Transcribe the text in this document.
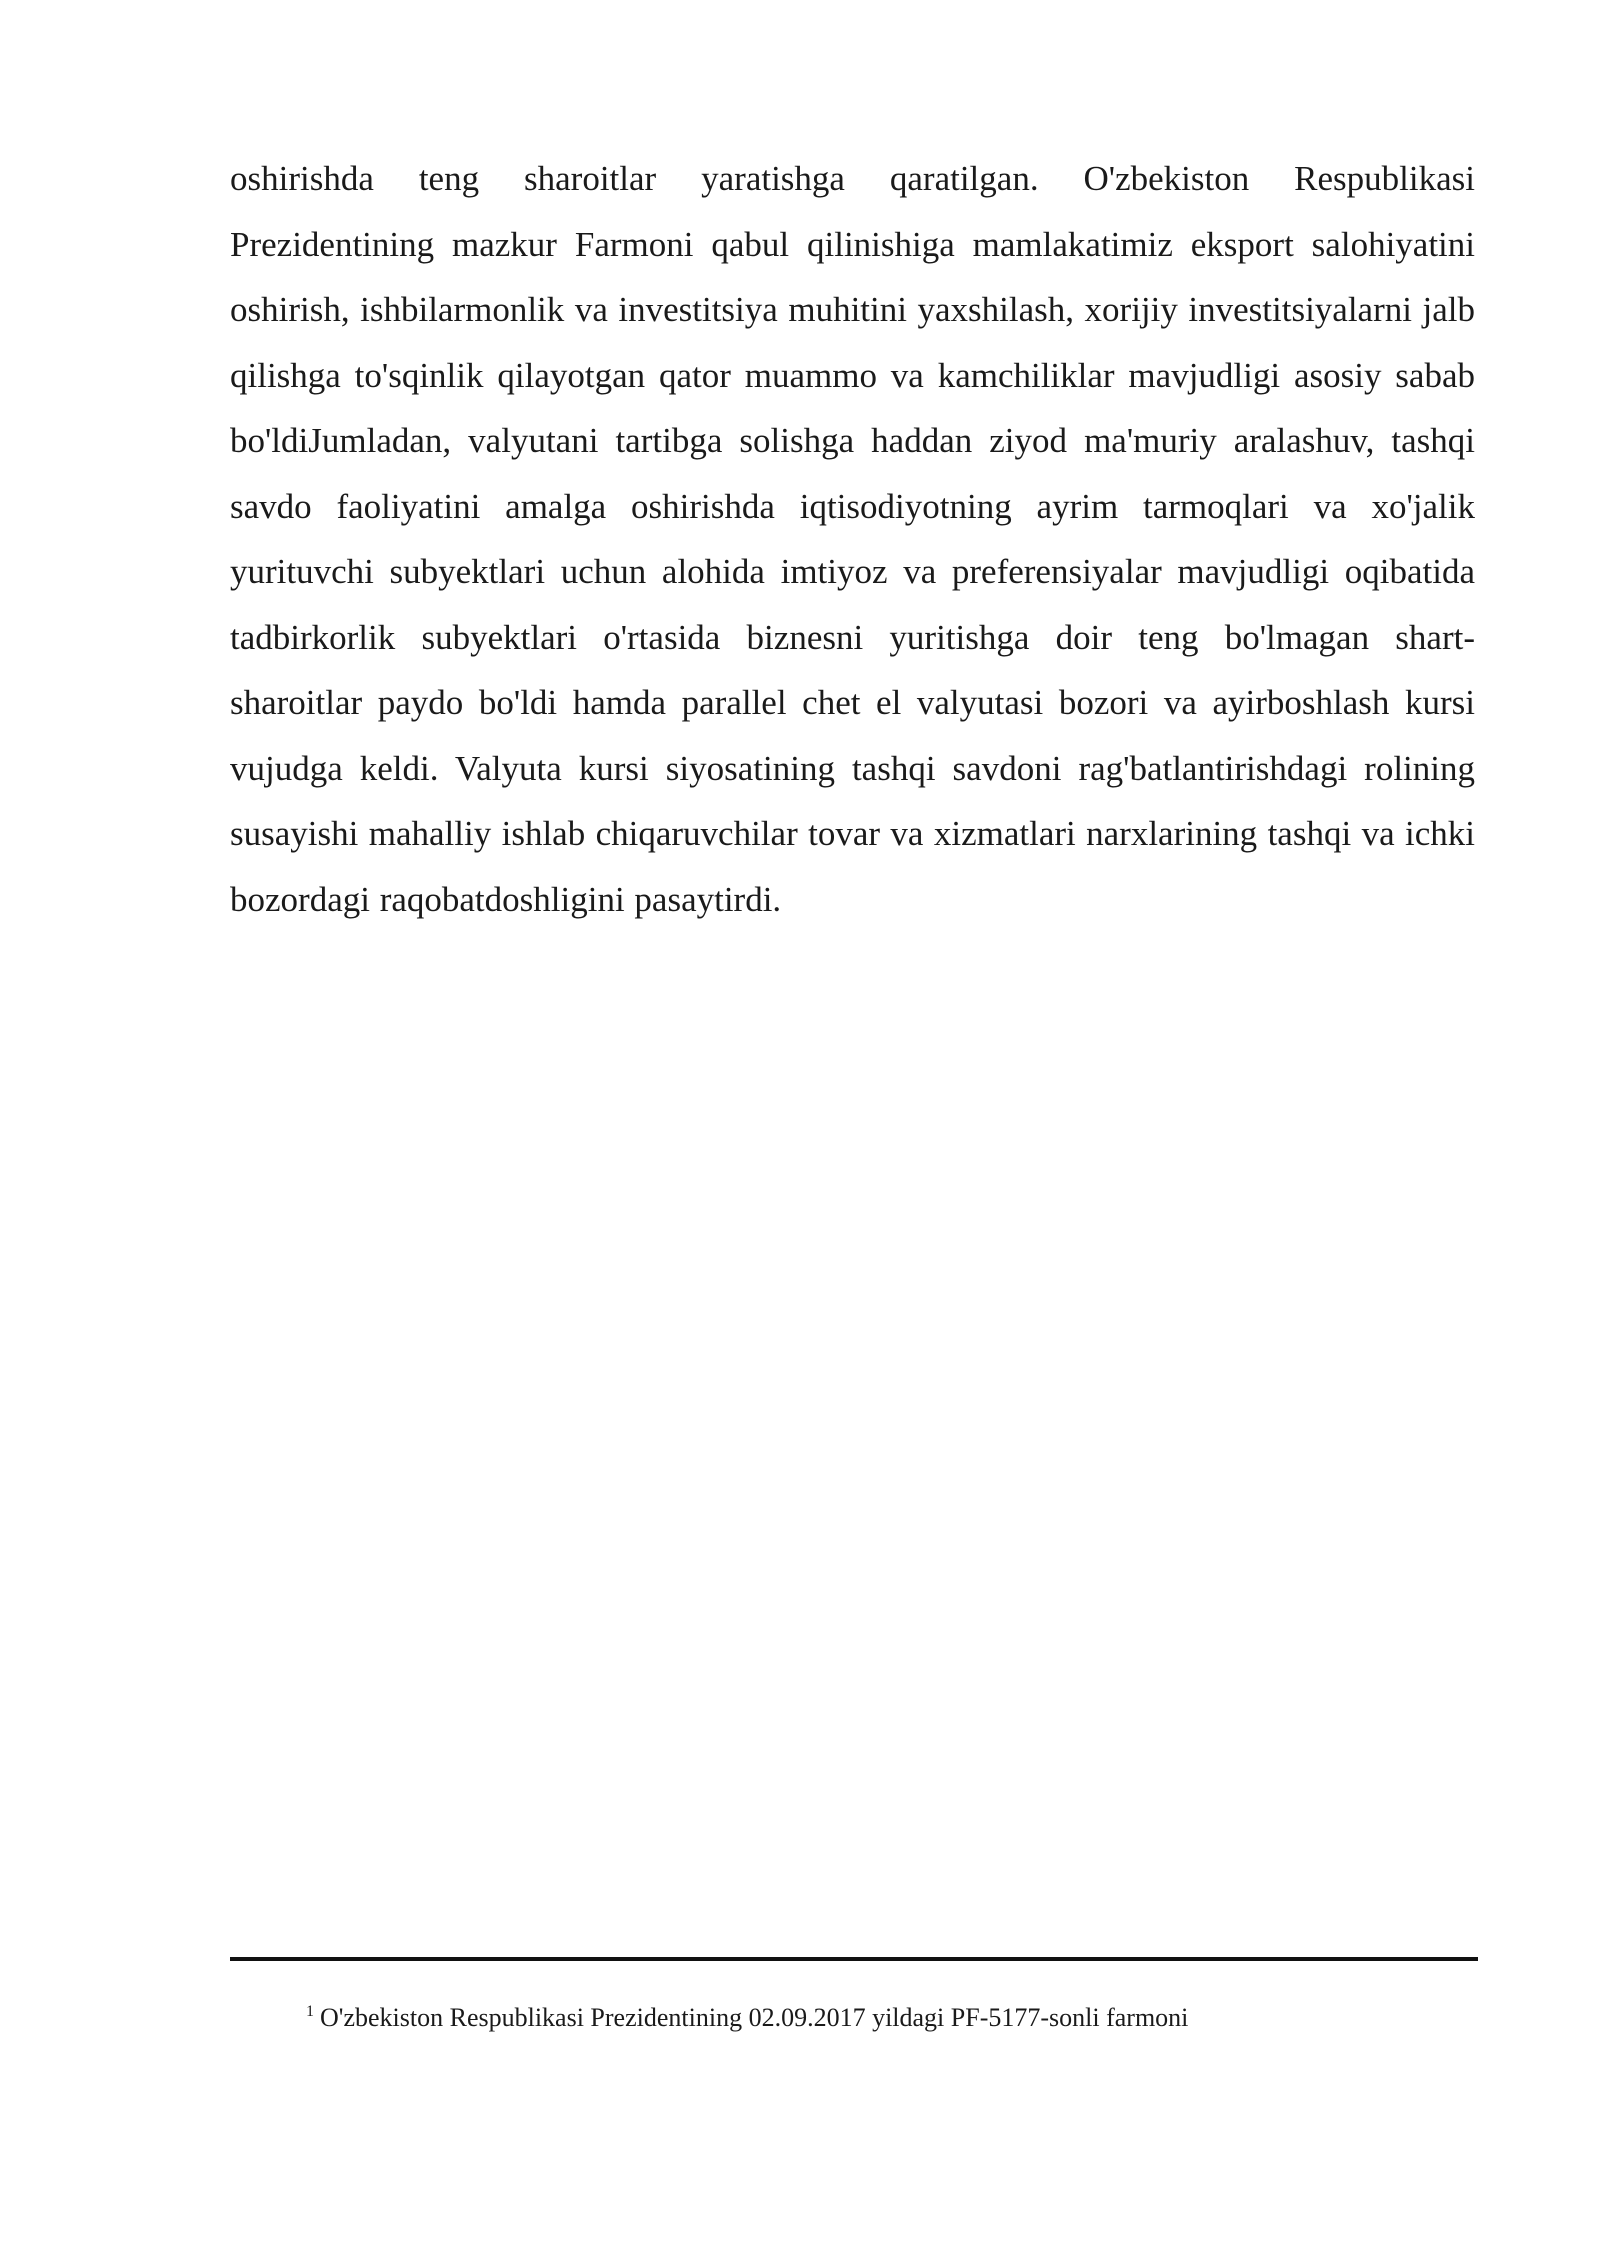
oshirishda teng sharoitlar yaratishga qaratilgan. O'zbekiston Respublikasi Prezidentining mazkur Farmoni qabul qilinishiga mamlakatimiz eksport salohiyatini oshirish, ishbilarmonlik va investitsiya muhitini yaxshilash, xorijiy investitsiyalarni jalb qilishga to'sqinlik qilayotgan qator muammo va kamchiliklar mavjudligi asosiy sabab bo'ldiJumladan, valyutani tartibga solishga haddan ziyod ma'muriy aralashuv, tashqi savdo faoliyatini amalga oshirishda iqtisodiyotning ayrim tarmoqlari va xo'jalik yurituvchi subyektlari uchun alohida imtiyoz va preferensiyalar mavjudligi oqibatida tadbirkorlik subyektlari o'rtasida biznesni yuritishga doir teng bo'lmagan shart-sharoitlar paydo bo'ldi hamda parallel chet el valyutasi bozori va ayirboshlash kursi vujudga keldi. Valyuta kursi siyosatining tashqi savdoni rag'batlantirishdagi rolining susayishi mahalliy ishlab chiqaruvchilar tovar va xizmatlari narxlarining tashqi va ichki bozordagi raqobatdoshligini pasaytirdi.

$^1$ O'zbekiston Respublikasi Prezidentining 02.09.2017 yildagi PF-5177-sonli farmoni
